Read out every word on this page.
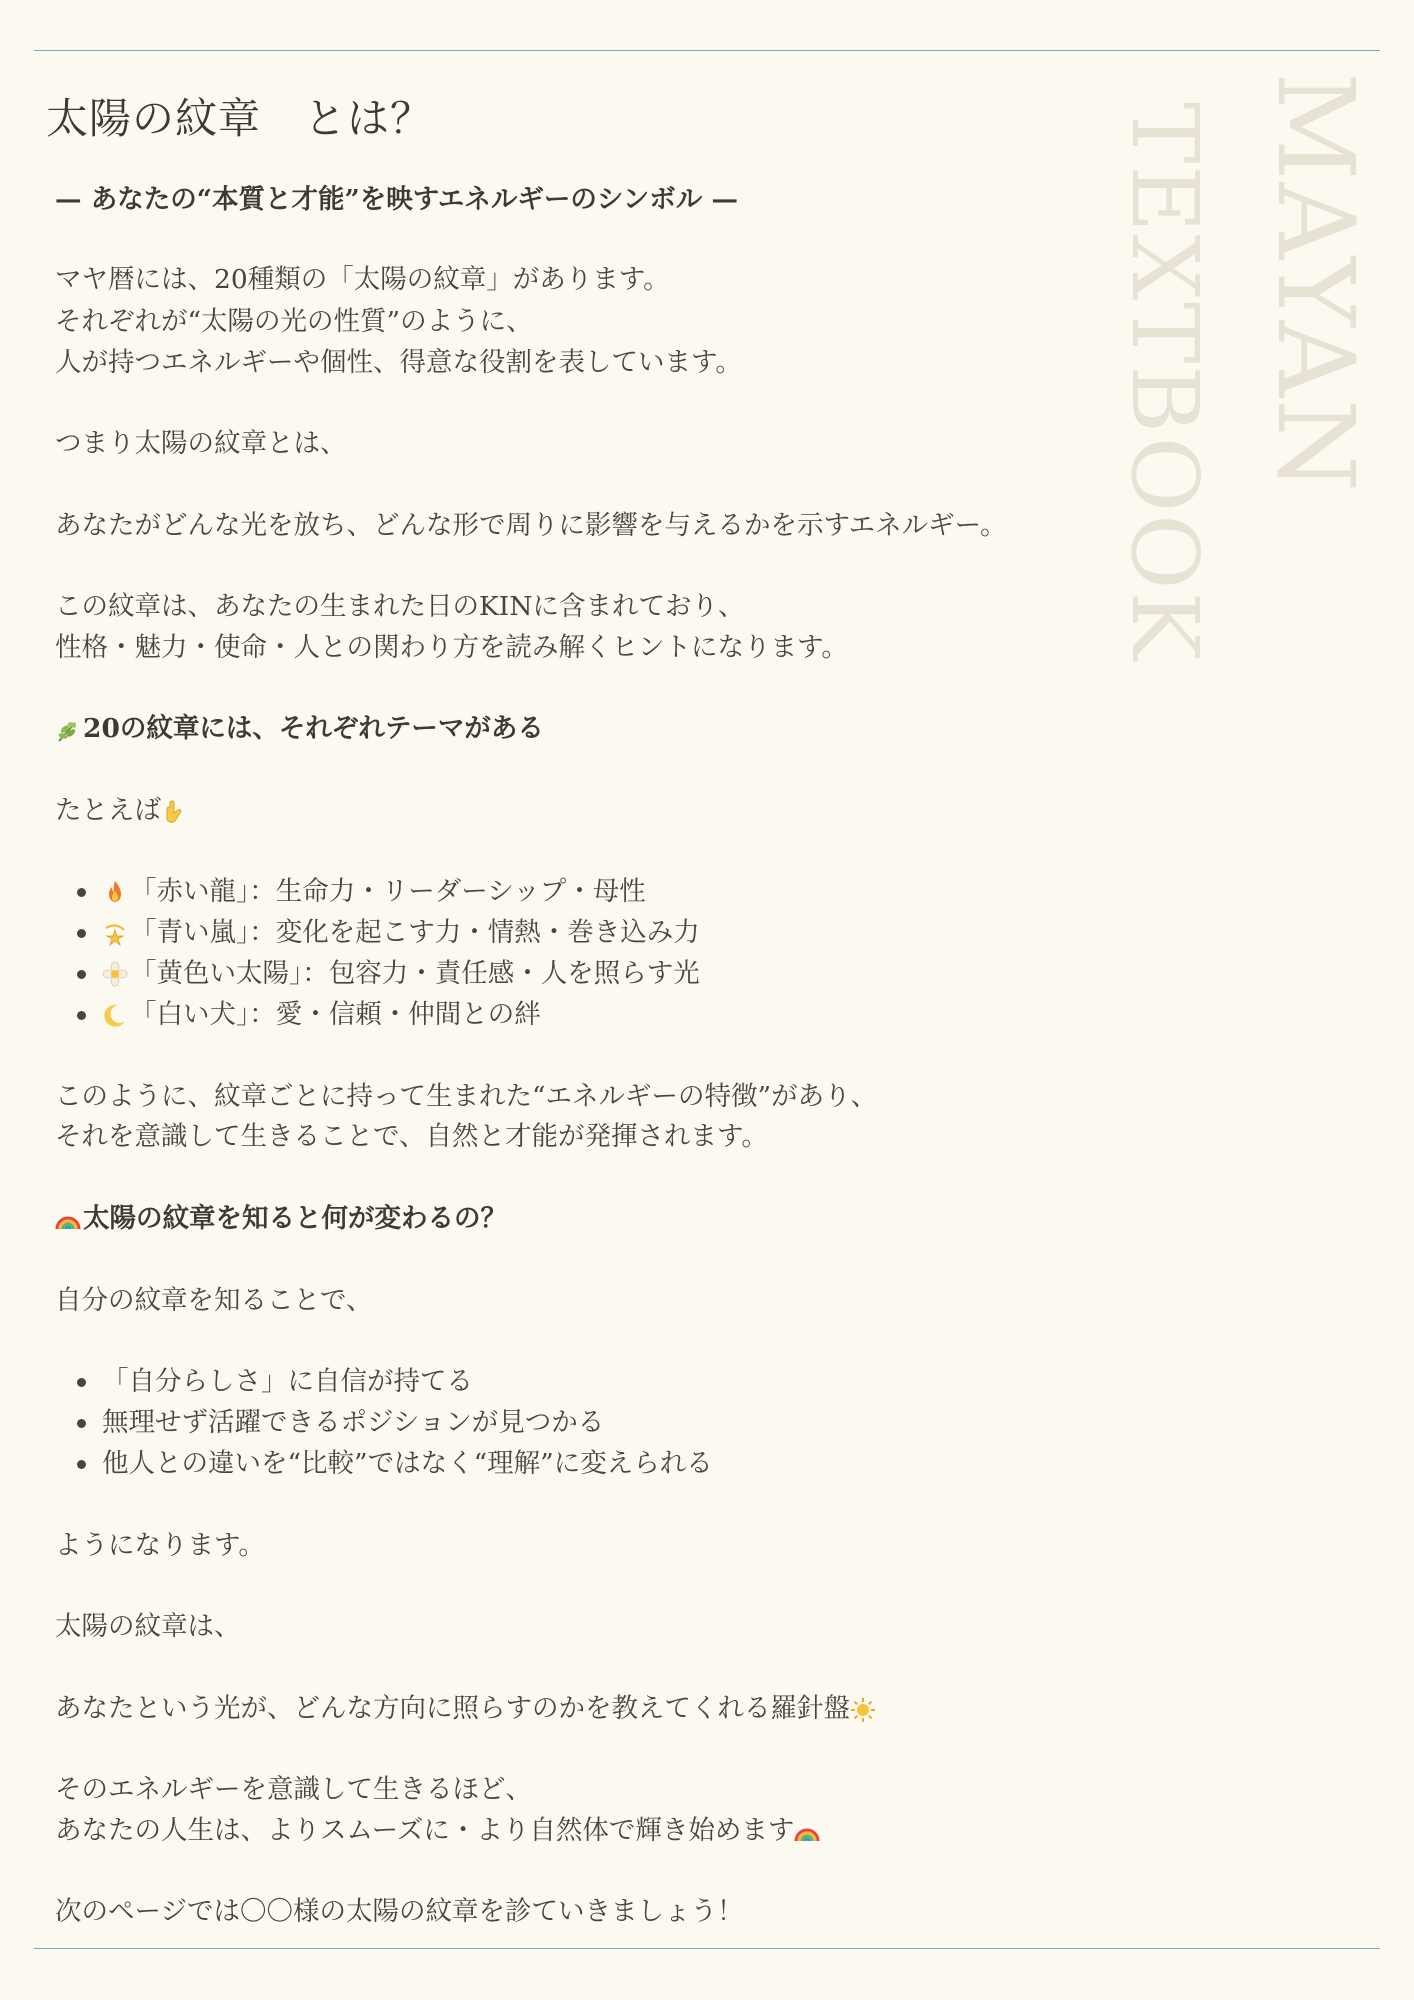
MAYAN
TEXTBOOK
太陽の紋章　とは？

— あなたの“本質と才能”を映すエネルギーのシンボル —

マヤ暦には、20種類の「太陽の紋章」があります。

それぞれが“太陽の光の性質”のように、

人が持つエネルギーや個性、得意な役割を表しています。

つまり太陽の紋章とは、

あなたがどんな光を放ち、どんな形で周りに影響を与えるかを示すエネルギー。

この紋章は、あなたの生まれた日のKINに含まれており、

性格・魅力・使命・人との関わり方を読み解くヒントになります。

20の紋章には、それぞれテーマがある

たとえば

「赤い龍」：生命力・リーダーシップ・母性
「青い嵐」：変化を起こす力・情熱・巻き込み力
「黄色い太陽」：包容力・責任感・人を照らす光
「白い犬」：愛・信頼・仲間との絆

このように、紋章ごとに持って生まれた“エネルギーの特徴”があり、

それを意識して生きることで、自然と才能が発揮されます。

太陽の紋章を知ると何が変わるの？

自分の紋章を知ることで、

「自分らしさ」に自信が持てる
無理せず活躍できるポジションが見つかる
他人との違いを“比較”ではなく“理解”に変えられる

ようになります。

太陽の紋章は、

あなたという光が、どんな方向に照らすのかを教えてくれる羅針盤

そのエネルギーを意識して生きるほど、

あなたの人生は、よりスムーズに・より自然体で輝き始めます

次のページでは〇〇様の太陽の紋章を診ていきましょう！
